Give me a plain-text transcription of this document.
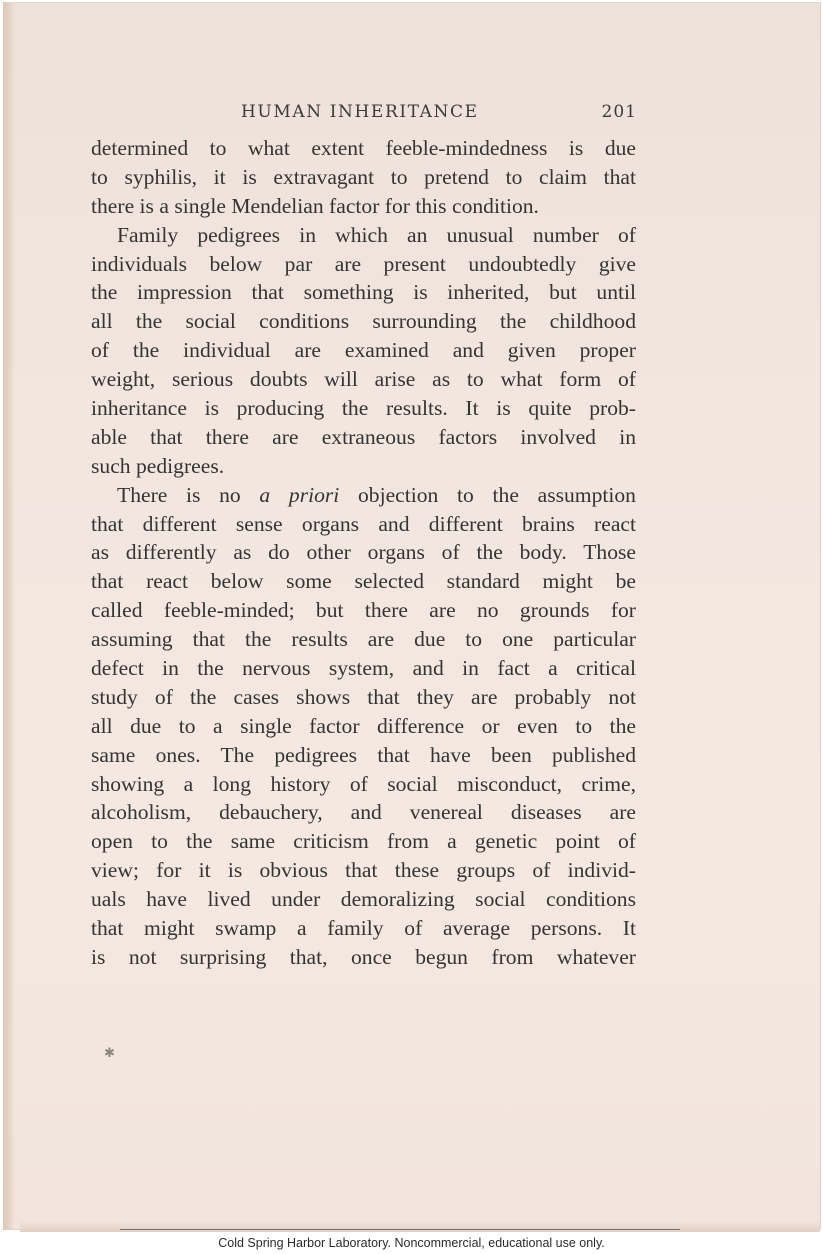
HUMAN INHERITANCE	201
determined to what extent feeble-mindedness is due
to syphilis, it is extravagant to pretend to claim that
there is a single Mendelian factor for this condition.
Family pedigrees in which an unusual number of
individuals below par are present undoubtedly give
the impression that something is inherited, but until
all the social conditions surrounding the childhood
of the individual are examined and given proper
weight, serious doubts will arise as to what form of
inheritance is producing the results. It is quite prob-
able that there are extraneous factors involved in
such pedigrees.
There is no a priori objection to the assumption
that different sense organs and different brains react
as differently as do other organs of the body. Those
that react below some selected standard might be
called feeble-minded; but there are no grounds for
assuming that the results are due to one particular
defect in the nervous system, and in fact a critical
study of the cases shows that they are probably not
all due to a single factor difference or even to the
same ones. The pedigrees that have been published
showing a long history of social misconduct, crime,
alcoholism, debauchery, and venereal diseases are
open to the same criticism from a genetic point of
view; for it is obvious that these groups of individ-
uals have lived under demoralizing social conditions
that might swamp a family of average persons. It
is not surprising that, once begun from whatever
✱
Cold Spring Harbor Laboratory. Noncommercial, educational use only.
